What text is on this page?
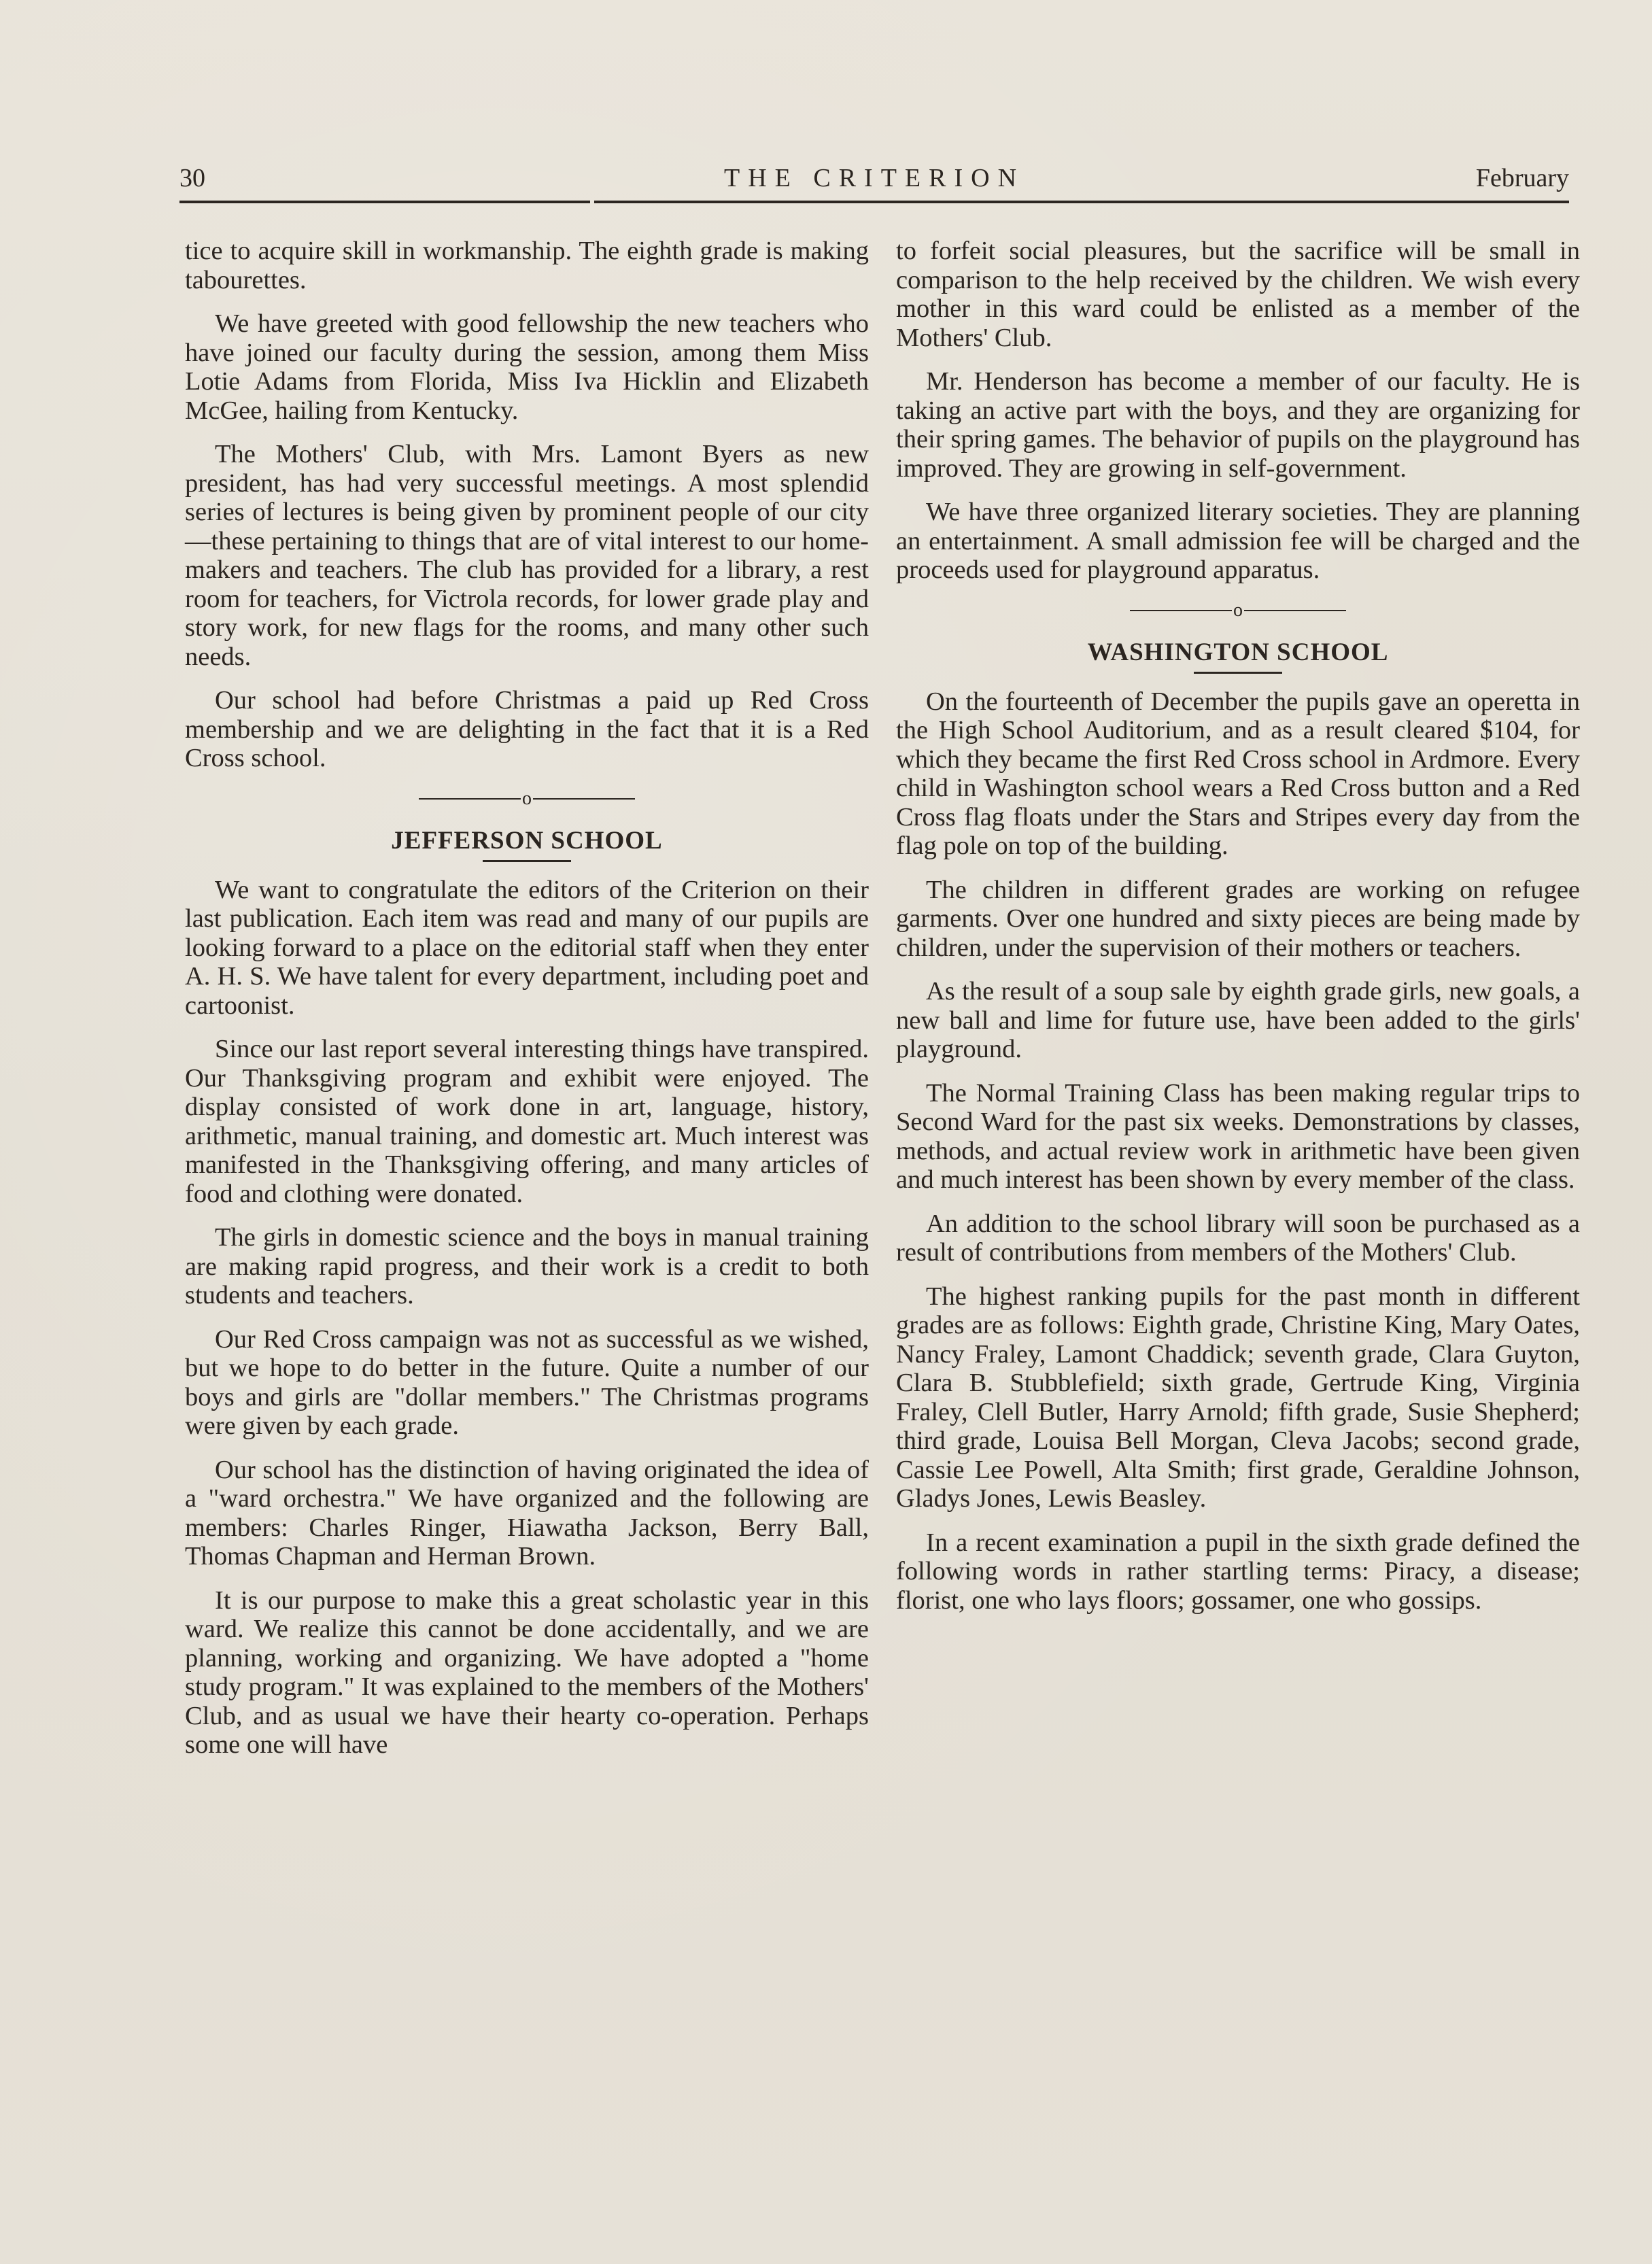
30	THE CRITERION	February

tice to acquire skill in workmanship. The eighth grade is making tabourettes.

We have greeted with good fellowship the new teachers who have joined our faculty during the session, among them Miss Lotie Adams from Florida, Miss Iva Hicklin and Elizabeth McGee, hailing from Kentucky.

The Mothers' Club, with Mrs. Lamont Byers as new president, has had very successful meetings. A most splendid series of lectures is being given by prominent people of our city—these pertaining to things that are of vital interest to our home-makers and teachers. The club has provided for a library, a rest room for teachers, for Victrola records, for lower grade play and story work, for new flags for the rooms, and many other such needs.

Our school had before Christmas a paid up Red Cross membership and we are delighting in the fact that it is a Red Cross school.

o
JEFFERSON SCHOOL

We want to congratulate the editors of the Criterion on their last publication. Each item was read and many of our pupils are looking forward to a place on the editorial staff when they enter A. H. S. We have talent for every department, including poet and cartoonist.

Since our last report several interesting things have transpired. Our Thanksgiving program and exhibit were enjoyed. The display consisted of work done in art, language, history, arithmetic, manual training, and domestic art. Much interest was manifested in the Thanksgiving offering, and many articles of food and clothing were donated.

The girls in domestic science and the boys in manual training are making rapid progress, and their work is a credit to both students and teachers.

Our Red Cross campaign was not as successful as we wished, but we hope to do better in the future. Quite a number of our boys and girls are "dollar members." The Christmas programs were given by each grade.

Our school has the distinction of having originated the idea of a "ward orchestra." We have organized and the following are members: Charles Ringer, Hiawatha Jackson, Berry Ball, Thomas Chapman and Herman Brown.

It is our purpose to make this a great scholastic year in this ward. We realize this cannot be done accidentally, and we are planning, working and organizing. We have adopted a "home study program." It was explained to the members of the Mothers' Club, and as usual we have their hearty co-operation. Perhaps some one will have

to forfeit social pleasures, but the sacrifice will be small in comparison to the help received by the children. We wish every mother in this ward could be enlisted as a member of the Mothers' Club.

Mr. Henderson has become a member of our faculty. He is taking an active part with the boys, and they are organizing for their spring games. The behavior of pupils on the playground has improved. They are growing in self-government.

We have three organized literary societies. They are planning an entertainment. A small admission fee will be charged and the proceeds used for playground apparatus.

o
WASHINGTON SCHOOL

On the fourteenth of December the pupils gave an operetta in the High School Auditorium, and as a result cleared $104, for which they became the first Red Cross school in Ardmore. Every child in Washington school wears a Red Cross button and a Red Cross flag floats under the Stars and Stripes every day from the flag pole on top of the building.

The children in different grades are working on refugee garments. Over one hundred and sixty pieces are being made by children, under the supervision of their mothers or teachers.

As the result of a soup sale by eighth grade girls, new goals, a new ball and lime for future use, have been added to the girls' playground.

The Normal Training Class has been making regular trips to Second Ward for the past six weeks. Demonstrations by classes, methods, and actual review work in arithmetic have been given and much interest has been shown by every member of the class.

An addition to the school library will soon be purchased as a result of contributions from members of the Mothers' Club.

The highest ranking pupils for the past month in different grades are as follows: Eighth grade, Christine King, Mary Oates, Nancy Fraley, Lamont Chaddick; seventh grade, Clara Guyton, Clara B. Stubblefield; sixth grade, Gertrude King, Virginia Fraley, Clell Butler, Harry Arnold; fifth grade, Susie Shepherd; third grade, Louisa Bell Morgan, Cleva Jacobs; second grade, Cassie Lee Powell, Alta Smith; first grade, Geraldine Johnson, Gladys Jones, Lewis Beasley.

In a recent examination a pupil in the sixth grade defined the following words in rather startling terms: Piracy, a disease; florist, one who lays floors; gossamer, one who gossips.
